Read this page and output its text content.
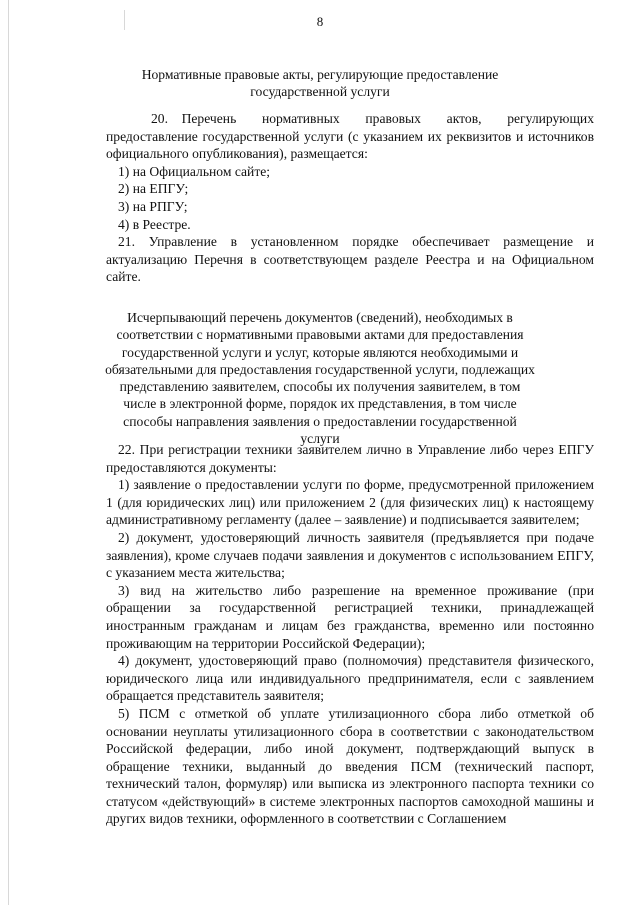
8
Нормативные правовые акты, регулирующие предоставление государственной услуги

20. Перечень нормативных правовых актов, регулирующих предоставление государственной услуги (с указанием их реквизитов и источников официального опубликования), размещается:

1) на Официальном сайте;

2) на ЕПГУ;

3) на РПГУ;

4) в Реестре.

21. Управление в установленном порядке обеспечивает размещение и актуализацию Перечня в соответствующем разделе Реестра и на Официальном сайте.

Исчерпывающий перечень документов (сведений), необходимых в соответствии с нормативными правовыми актами для предоставления государственной услуги и услуг, которые являются необходимыми и обязательными для предоставления государственной услуги, подлежащих представлению заявителем, способы их получения заявителем, в том числе в электронной форме, порядок их представления, в том числе способы направления заявления о предоставлении государственной услуги

22. При регистрации техники заявителем лично в Управление либо через ЕПГУ предоставляются документы:

1) заявление о предоставлении услуги по форме, предусмотренной приложением 1 (для юридических лиц) или приложением 2 (для физических лиц) к настоящему административному регламенту (далее – заявление) и подписывается заявителем;

2) документ, удостоверяющий личность заявителя (предъявляется при подаче заявления), кроме случаев подачи заявления и документов с использованием ЕПГУ, с указанием места жительства;

3) вид на жительство либо разрешение на временное проживание (при обращении за государственной регистрацией техники, принадлежащей иностранным гражданам и лицам без гражданства, временно или постоянно проживающим на территории Российской Федерации);

4) документ, удостоверяющий право (полномочия) представителя физического, юридического лица или индивидуального предпринимателя, если с заявлением обращается представитель заявителя;

5) ПСМ с отметкой об уплате утилизационного сбора либо отметкой об основании неуплаты утилизационного сбора в соответствии с законодательством Российской федерации, либо иной документ, подтверждающий выпуск в обращение техники, выданный до введения ПСМ (технический паспорт, технический талон, формуляр) или выписка из электронного паспорта техники со статусом «действующий» в системе электронных паспортов самоходной машины и других видов техники, оформленного в соответствии с Соглашением
